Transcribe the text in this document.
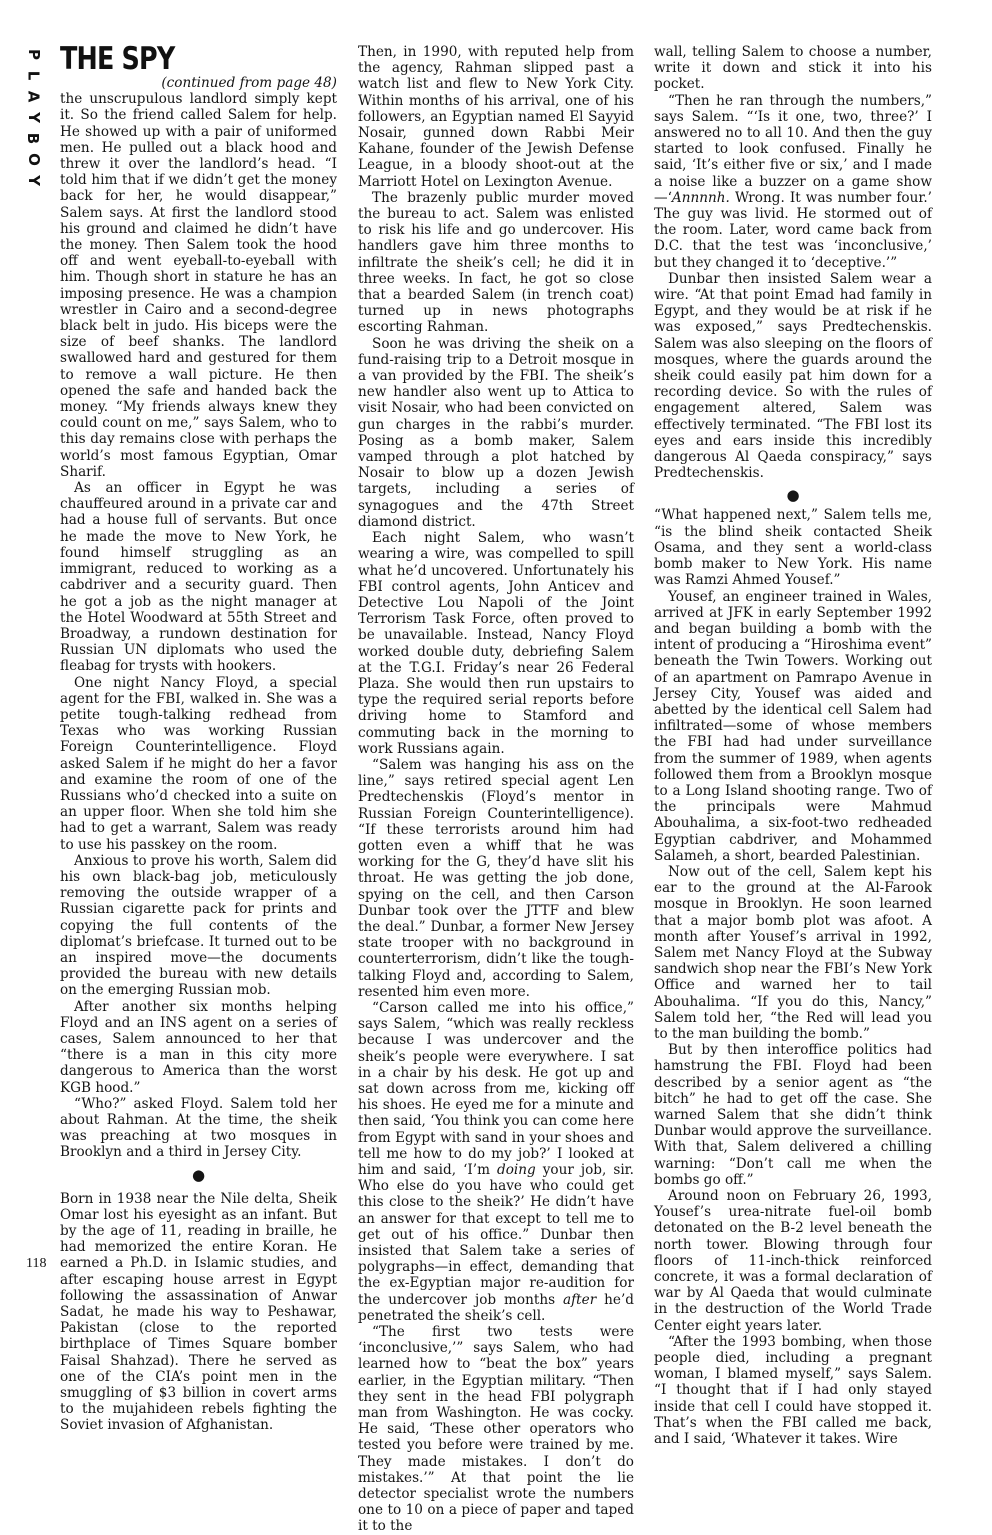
P
L
A
Y
B
O
Y
118
THE SPY

(continued from page 48)

the unscrupulous landlord simply kept it. So the friend called Salem for help. He showed up with a pair of uniformed men. He pulled out a black hood and threw it over the landlord’s head. “I told him that if we didn’t get the money back for her, he would disappear,” Salem says. At first the landlord stood his ground and claimed he didn’t have the money. Then Salem took the hood off and went eyeball-to-eyeball with him. Though short in stature he has an imposing presence. He was a champion wrestler in Cairo and a second-degree black belt in judo. His biceps were the size of beef shanks. The landlord swallowed hard and gestured for them to remove a wall picture. He then opened the safe and handed back the money. “My friends always knew they could count on me,” says Salem, who to this day remains close with perhaps the world’s most famous Egyptian, Omar Sharif.

As an officer in Egypt he was chauffeured around in a private car and had a house full of servants. But once he made the move to New York, he found himself struggling as an immigrant, reduced to working as a cabdriver and a security guard. Then he got a job as the night manager at the Hotel Woodward at 55th Street and Broadway, a rundown destination for Russian UN diplomats who used the fleabag for trysts with hookers.

One night Nancy Floyd, a special agent for the FBI, walked in. She was a petite tough-talking redhead from Texas who was working Russian Foreign Counterintelligence. Floyd asked Salem if he might do her a favor and examine the room of one of the Russians who’d checked into a suite on an upper floor. When she told him she had to get a warrant, Salem was ready to use his passkey on the room.

Anxious to prove his worth, Salem did his own black-bag job, meticulously removing the outside wrapper of a Russian cigarette pack for prints and copying the full contents of the diplomat’s briefcase. It turned out to be an inspired move—the documents provided the bureau with new details on the emerging Russian mob.

After another six months helping Floyd and an INS agent on a series of cases, Salem announced to her that “there is a man in this city more dangerous to America than the worst KGB hood.”

“Who?” asked Floyd. Salem told her about Rahman. At the time, the sheik was preaching at two mosques in Brooklyn and a third in Jersey City.

●

Born in 1938 near the Nile delta, Sheik Omar lost his eyesight as an infant. But by the age of 11, reading in braille, he had memorized the entire Koran. He earned a Ph.D. in Islamic studies, and after escaping house arrest in Egypt following the assassination of Anwar Sadat, he made his way to Peshawar, Pakistan (close to the reported birthplace of Times Square bomber Faisal Shahzad). There he served as one of the CIA’s point men in the smuggling of $3 billion in covert arms to the mujahideen rebels fighting the Soviet invasion of Afghanistan.

Then, in 1990, with reputed help from the agency, Rahman slipped past a watch list and flew to New York City. Within months of his arrival, one of his followers, an Egyptian named El Sayyid Nosair, gunned down Rabbi Meir Kahane, founder of the Jewish Defense League, in a bloody shoot-out at the Marriott Hotel on Lexington Avenue.

The brazenly public murder moved the bureau to act. Salem was enlisted to risk his life and go undercover. His handlers gave him three months to infiltrate the sheik’s cell; he did it in three weeks. In fact, he got so close that a bearded Salem (in trench coat) turned up in news photographs escorting Rahman.

Soon he was driving the sheik on a fund-raising trip to a Detroit mosque in a van provided by the FBI. The sheik’s new handler also went up to Attica to visit Nosair, who had been convicted on gun charges in the rabbi’s murder. Posing as a bomb maker, Salem vamped through a plot hatched by Nosair to blow up a dozen Jewish targets, including a series of synagogues and the 47th Street diamond district.

Each night Salem, who wasn’t wearing a wire, was compelled to spill what he’d uncovered. Unfortunately his FBI control agents, John Anticev and Detective Lou Napoli of the Joint Terrorism Task Force, often proved to be unavailable. Instead, Nancy Floyd worked double duty, debriefing Salem at the T.G.I. Friday’s near 26 Federal Plaza. She would then run upstairs to type the required serial reports before driving home to Stamford and commuting back in the morning to work Russians again.

“Salem was hanging his ass on the line,” says retired special agent Len Predtechenskis (Floyd’s mentor in Russian Foreign Counterintelligence). “If these terrorists around him had gotten even a whiff that he was working for the G, they’d have slit his throat. He was getting the job done, spying on the cell, and then Carson Dunbar took over the JTTF and blew the deal.” Dunbar, a former New Jersey state trooper with no background in counterterrorism, didn’t like the tough-talking Floyd and, according to Salem, resented him even more.

“Carson called me into his office,” says Salem, “which was really reckless because I was undercover and the sheik’s people were everywhere. I sat in a chair by his desk. He got up and sat down across from me, kicking off his shoes. He eyed me for a minute and then said, ‘You think you can come here from Egypt with sand in your shoes and tell me how to do my job?’ I looked at him and said, ‘I’m doing your job, sir. Who else do you have who could get this close to the sheik?’ He didn’t have an answer for that except to tell me to get out of his office.” Dunbar then insisted that Salem take a series of polygraphs—in effect, demanding that the ex-Egyptian major re-audition for the undercover job months after he’d penetrated the sheik’s cell.

“The first two tests were ‘inconclusive,’” says Salem, who had learned how to “beat the box” years earlier, in the Egyptian military. “Then they sent in the head FBI polygraph man from Washington. He was cocky. He said, ‘These other operators who tested you before were trained by me. They made mistakes. I don’t do mistakes.’” At that point the lie detector specialist wrote the numbers one to 10 on a piece of paper and taped it to the

wall, telling Salem to choose a number, write it down and stick it into his pocket.

“Then he ran through the numbers,” says Salem. “‘Is it one, two, three?’ I answered no to all 10. And then the guy started to look confused. Finally he said, ‘It’s either five or six,’ and I made a noise like a buzzer on a game show—‘Annnnh. Wrong. It was number four.’ The guy was livid. He stormed out of the room. Later, word came back from D.C. that the test was ‘inconclusive,’ but they changed it to ‘deceptive.’”

Dunbar then insisted Salem wear a wire. “At that point Emad had family in Egypt, and they would be at risk if he was exposed,” says Predtechenskis. Salem was also sleeping on the floors of mosques, where the guards around the sheik could easily pat him down for a recording device. So with the rules of engagement altered, Salem was effectively terminated. “The FBI lost its eyes and ears inside this incredibly dangerous Al Qaeda conspiracy,” says Predtechenskis.

●

“What happened next,” Salem tells me, “is the blind sheik contacted Sheik Osama, and they sent a world-class bomb maker to New York. His name was Ramzi Ahmed Yousef.”

Yousef, an engineer trained in Wales, arrived at JFK in early September 1992 and began building a bomb with the intent of producing a “Hiroshima event” beneath the Twin Towers. Working out of an apartment on Pamrapo Avenue in Jersey City, Yousef was aided and abetted by the identical cell Salem had infiltrated—some of whose members the FBI had had under surveillance from the summer of 1989, when agents followed them from a Brooklyn mosque to a Long Island shooting range. Two of the principals were Mahmud Abouhalima, a six-foot-two redheaded Egyptian cabdriver, and Mohammed Salameh, a short, bearded Palestinian.

Now out of the cell, Salem kept his ear to the ground at the Al-Farook mosque in Brooklyn. He soon learned that a major bomb plot was afoot. A month after Yousef’s arrival in 1992, Salem met Nancy Floyd at the Subway sandwich shop near the FBI’s New York Office and warned her to tail Abouhalima. “If you do this, Nancy,” Salem told her, “the Red will lead you to the man building the bomb.”

But by then interoffice politics had hamstrung the FBI. Floyd had been described by a senior agent as “the bitch” he had to get off the case. She warned Salem that she didn’t think Dunbar would approve the surveillance. With that, Salem delivered a chilling warning: “Don’t call me when the bombs go off.”

Around noon on February 26, 1993, Yousef’s urea-nitrate fuel-oil bomb detonated on the B-2 level beneath the north tower. Blowing through four floors of 11-inch-thick reinforced concrete, it was a formal declaration of war by Al Qaeda that would culminate in the destruction of the World Trade Center eight years later.

“After the 1993 bombing, when those people died, including a pregnant woman, I blamed myself,” says Salem. “I thought that if I had only stayed inside that cell I could have stopped it. That’s when the FBI called me back, and I said, ‘Whatever it takes. Wire
